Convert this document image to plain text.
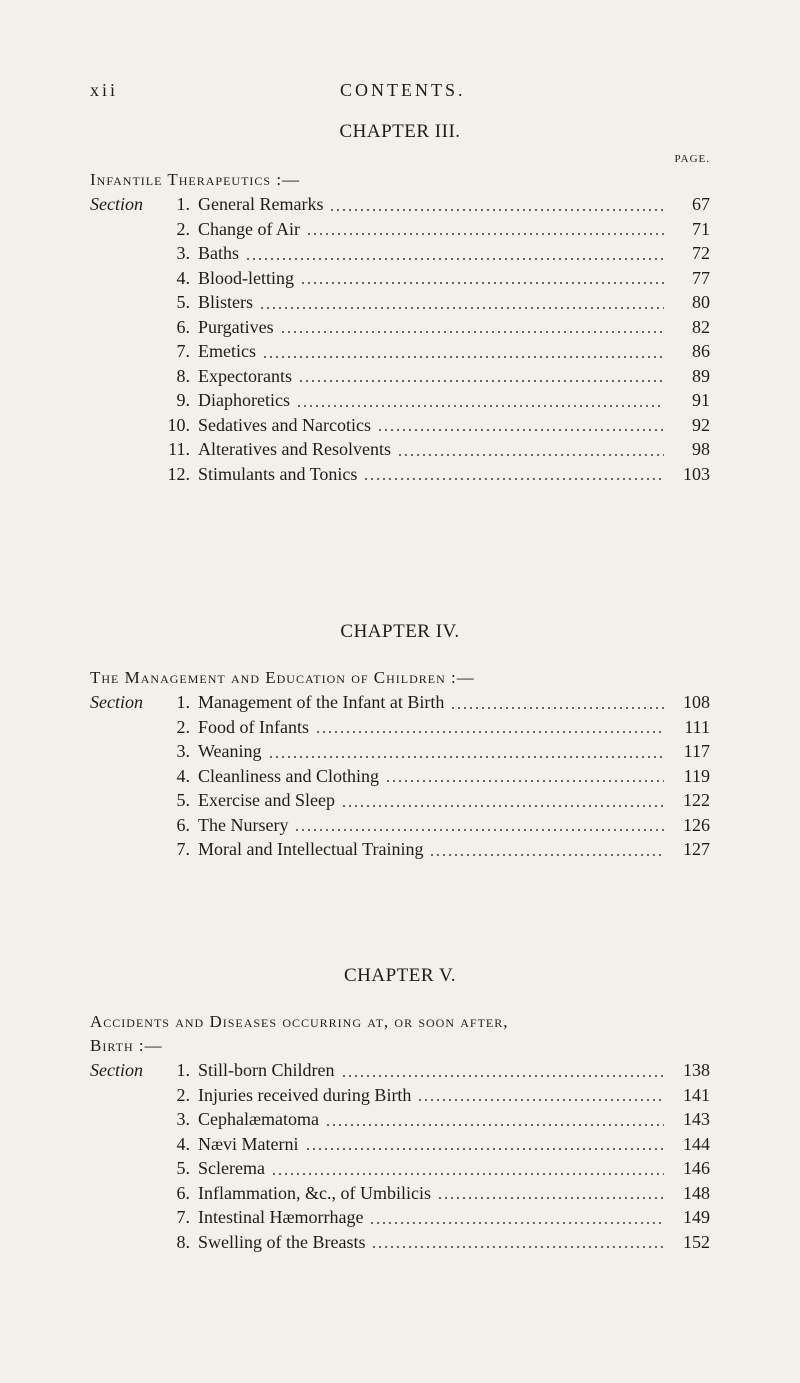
xii	CONTENTS.
CHAPTER III.
PAGE.
Infantile Therapeutics :—
Section	1. General Remarks	67
2. Change of Air	71
3. Baths	72
4. Blood-letting	77
5. Blisters	80
6. Purgatives	82
7. Emetics	86
8. Expectorants	89
9. Diaphoretics	91
10. Sedatives and Narcotics	92
11. Alteratives and Resolvents	98
12. Stimulants and Tonics	103
CHAPTER IV.
The Management and Education of Children :—
Section	1. Management of the Infant at Birth	108
2. Food of Infants	111
3. Weaning	117
4. Cleanliness and Clothing	119
5. Exercise and Sleep	122
6. The Nursery	126
7. Moral and Intellectual Training	127
CHAPTER V.
Accidents and Diseases occurring at, or soon after,
Birth :—
Section	1. Still-born Children	138
2. Injuries received during Birth	141
3. Cephalæmatoma	143
4. Nævi Materni	144
5. Sclerema	146
6. Inflammation, &c., of Umbilicis	148
7. Intestinal Hæmorrhage	149
8. Swelling of the Breasts	152
